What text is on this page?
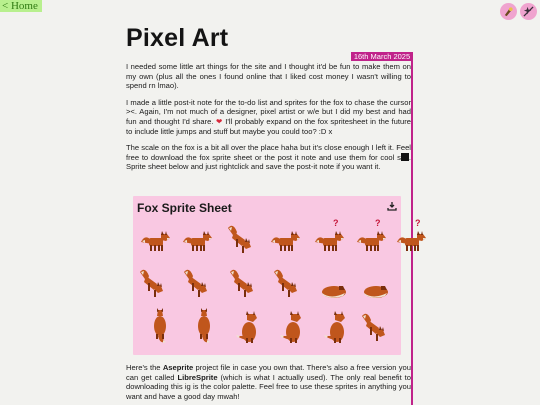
< Home
Pixel Art
16th March 2025

I needed some little art things for the site and I thought it'd be fun to make them on my own (plus all the ones I found online that I liked cost money I wasn't willing to spend rn lmao).

I made a little post-it note for the to-do list and sprites for the fox to chase the cursor ><. Again, I'm not much of a designer, pixel artist or w/e but I did my best and had fun and thought I'd share. ❤ I'll probably expand on the fox spritesheet in the future to include little jumps and stuff but maybe you could too? :D x

The scale on the fox is a bit all over the place haha but it's close enough I left it. Feel free to download the fox sprite sheet or the post it note and use them for cool s . Sprite sheet below and just rightclick and save the post-it note if you want it.

Fox Sprite Sheet
?	?	?
Here's the Aseprite project file in case you own that. There's also a free version you can get called LibreSprite (which is what I actually used). The only real benefit to downloading this ig is the color palette. Feel free to use these sprites in anything you want and have a good day mwah!
